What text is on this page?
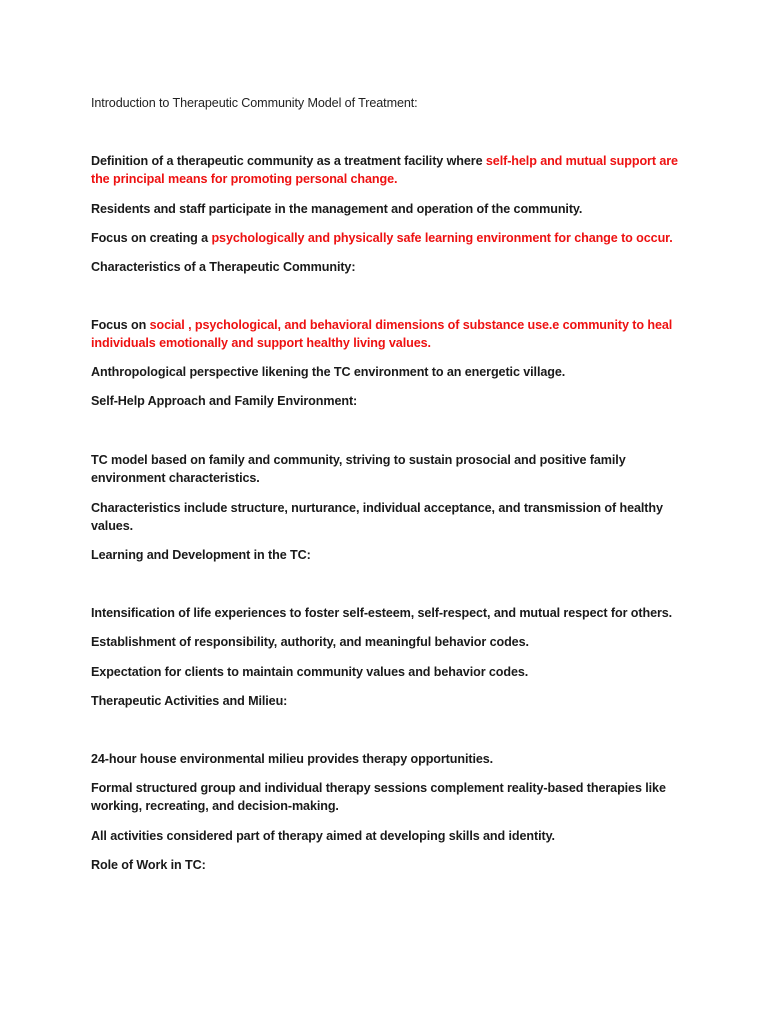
Introduction to Therapeutic Community Model of Treatment:
Definition of a therapeutic community as a treatment facility where self-help and mutual support are the principal means for promoting personal change.
Residents and staff participate in the management and operation of the community.
Focus on creating a psychologically and physically safe learning environment for change to occur.
Characteristics of a Therapeutic Community:
Focus on social , psychological, and behavioral dimensions of substance use.e community to heal individuals emotionally and support healthy living values.
Anthropological perspective likening the TC environment to an energetic village.
Self-Help Approach and Family Environment:
TC model based on family and community, striving to sustain prosocial and positive family environment characteristics.
Characteristics include structure, nurturance, individual acceptance, and transmission of healthy values.
Learning and Development in the TC:
Intensification of life experiences to foster self-esteem, self-respect, and mutual respect for others.
Establishment of responsibility, authority, and meaningful behavior codes.
Expectation for clients to maintain community values and behavior codes.
Therapeutic Activities and Milieu:
24-hour house environmental milieu provides therapy opportunities.
Formal structured group and individual therapy sessions complement reality-based therapies like working, recreating, and decision-making.
All activities considered part of therapy aimed at developing skills and identity.
Role of Work in TC:
